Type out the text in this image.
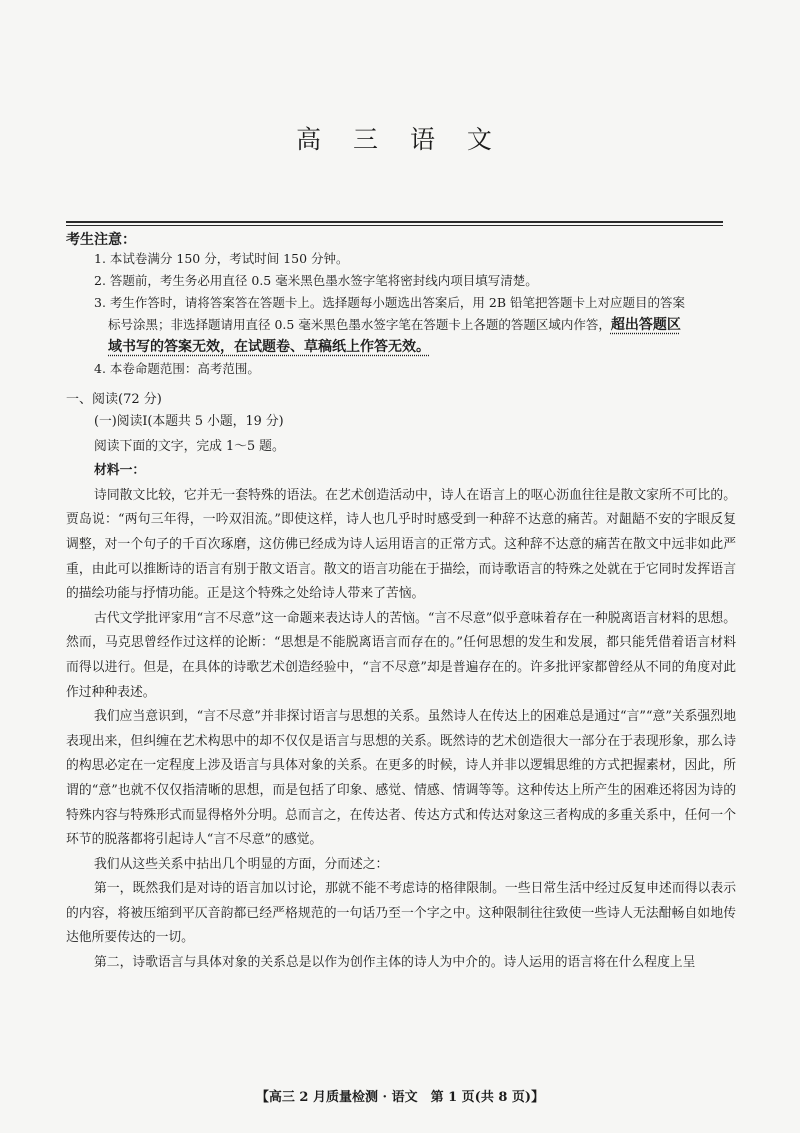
高 三 语 文
考生注意：
1. 本试卷满分 150 分，考试时间 150 分钟。
2. 答题前，考生务必用直径 0.5 毫米黑色墨水签字笔将密封线内项目填写清楚。
3. 考生作答时，请将答案答在答题卡上。选择题每小题选出答案后，用 2B 铅笔把答题卡上对应题目的答案
标号涂黑；非选择题请用直径 0.5 毫米黑色墨水签字笔在答题卡上各题的答题区域内作答，超出答题区
域书写的答案无效，在试题卷、草稿纸上作答无效。
4. 本卷命题范围：高考范围。
一、阅读(72 分)
(一)阅读Ⅰ(本题共 5 小题，19 分)
阅读下面的文字，完成 1～5 题。
材料一：

诗同散文比较，它并无一套特殊的语法。在艺术创造活动中，诗人在语言上的呕心沥血往往是散文家所不可比的。贾岛说：“两句三年得，一吟双泪流。”即使这样，诗人也几乎时时感受到一种辞不达意的痛苦。对龃龉不安的字眼反复调整，对一个句子的千百次琢磨，这仿佛已经成为诗人运用语言的正常方式。这种辞不达意的痛苦在散文中远非如此严重，由此可以推断诗的语言有别于散文语言。散文的语言功能在于描绘，而诗歌语言的特殊之处就在于它同时发挥语言的描绘功能与抒情功能。正是这个特殊之处给诗人带来了苦恼。

古代文学批评家用“言不尽意”这一命题来表达诗人的苦恼。“言不尽意”似乎意味着存在一种脱离语言材料的思想。然而，马克思曾经作过这样的论断：“思想是不能脱离语言而存在的。”任何思想的发生和发展，都只能凭借着语言材料而得以进行。但是，在具体的诗歌艺术创造经验中，“言不尽意”却是普遍存在的。许多批评家都曾经从不同的角度对此作过种种表述。

我们应当意识到，“言不尽意”并非探讨语言与思想的关系。虽然诗人在传达上的困难总是通过“言”“意”关系强烈地表现出来，但纠缠在艺术构思中的却不仅仅是语言与思想的关系。既然诗的艺术创造很大一部分在于表现形象，那么诗的构思必定在一定程度上涉及语言与具体对象的关系。在更多的时候，诗人并非以逻辑思维的方式把握素材，因此，所谓的“意”也就不仅仅指清晰的思想，而是包括了印象、感觉、情感、情调等等。这种传达上所产生的困难还将因为诗的特殊内容与特殊形式而显得格外分明。总而言之，在传达者、传达方式和传达对象这三者构成的多重关系中，任何一个环节的脱落都将引起诗人“言不尽意”的感觉。

我们从这些关系中拈出几个明显的方面，分而述之：

第一，既然我们是对诗的语言加以讨论，那就不能不考虑诗的格律限制。一些日常生活中经过反复申述而得以表示的内容，将被压缩到平仄音韵都已经严格规范的一句话乃至一个字之中。这种限制往往致使一些诗人无法酣畅自如地传达他所要传达的一切。

第二，诗歌语言与具体对象的关系总是以作为创作主体的诗人为中介的。诗人运用的语言将在什么程度上呈

【高三 2 月质量检测 · 语文　第 1 页(共 8 页)】
